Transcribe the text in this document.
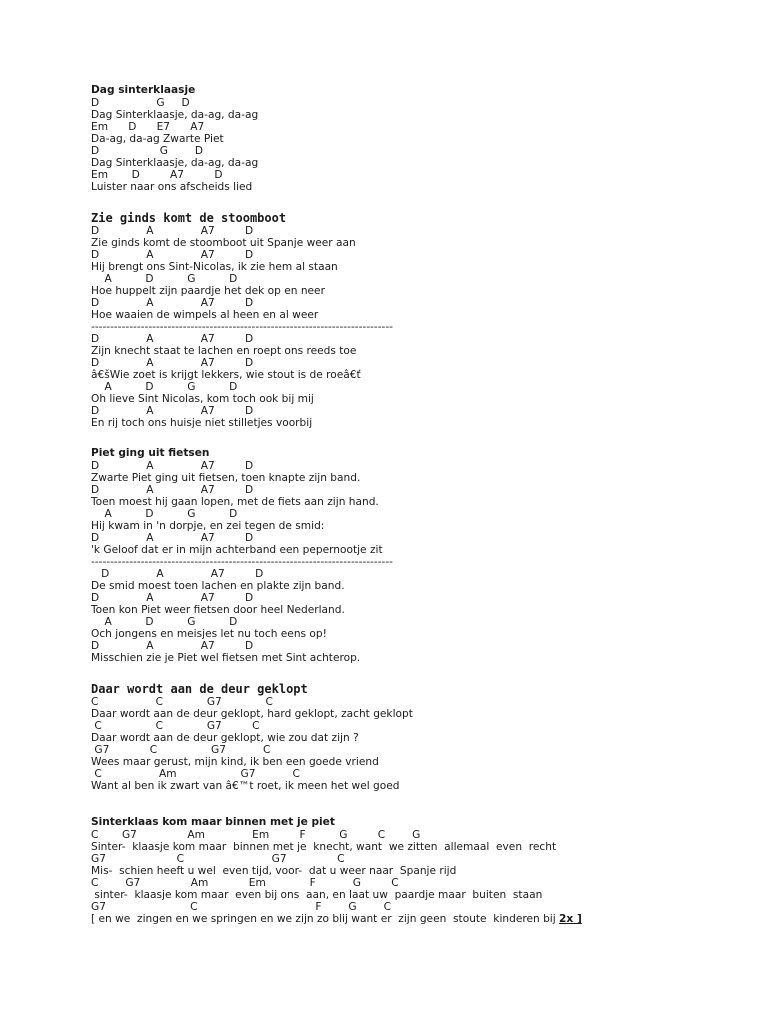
Dag sinterklaasje
D                 G     D
Dag Sinterklaasje, da-ag, da-ag
Em      D      E7      A7
Da-ag, da-ag Zwarte Piet
D                  G        D
Dag Sinterklaasje, da-ag, da-ag
Em       D         A7         D
Luister naar ons afscheids lied
Zie ginds komt de stoomboot
D              A              A7         D
Zie ginds komt de stoomboot uit Spanje weer aan
D              A              A7         D
Hij brengt ons Sint-Nicolas, ik zie hem al staan
A          D          G          D
Hoe huppelt zijn paardje het dek op en neer
D              A              A7         D
Hoe waaien de wimpels al heen en al weer
-------------------------------------------------------------------------------
D              A              A7         D
Zijn knecht staat te lachen en roept ons reeds toe
D              A              A7         D
â€šWie zoet is krijgt lekkers, wie stout is de roeâ€ť
A          D          G          D
Oh lieve Sint Nicolas, kom toch ook bij mij
D              A              A7         D
En rij toch ons huisje niet stilletjes voorbij
Piet ging uit fietsen
D              A              A7         D
Zwarte Piet ging uit fietsen, toen knapte zijn band.
D              A              A7         D
Toen moest hij gaan lopen, met de fiets aan zijn hand.
A          D          G          D
Hij kwam in 'n dorpje, en zei tegen de smid:
D              A              A7         D
'k Geloof dat er in mijn achterband een pepernootje zit
-------------------------------------------------------------------------------
D              A              A7         D
De smid moest toen lachen en plakte zijn band.
D              A              A7         D
Toen kon Piet weer fietsen door heel Nederland.
A          D          G          D
Och jongens en meisjes let nu toch eens op!
D              A              A7         D
Misschien zie je Piet wel fietsen met Sint achterop.
Daar wordt aan de deur geklopt
C                 C             G7             C
Daar wordt aan de deur geklopt, hard geklopt, zacht geklopt
C                C             G7         C
Daar wordt aan de deur geklopt, wie zou dat zijn ?
G7            C                G7           C
Wees maar gerust, mijn kind, ik ben een goede vriend
C                 Am                   G7           C
Want al ben ik zwart van â€™t roet, ik meen het wel goed
Sinterklaas kom maar binnen met je piet
C       G7               Am              Em         F          G         C        G
Sinter-  klaasje kom maar  binnen met je  knecht, want  we zitten  allemaal  even  recht
G7                     C                          G7               C
Mis-  schien heeft u wel  even tijd, voor-  dat u weer naar  Spanje rijd
C        G7               Am            Em             F           G         C
sinter-  klaasje kom maar  even bij ons  aan, en laat uw  paardje maar  buiten  staan
G7                         C                                   F        G        C
[ en we  zingen en we springen en we zijn zo blij want er  zijn geen  stoute  kinderen bij 2x ]
